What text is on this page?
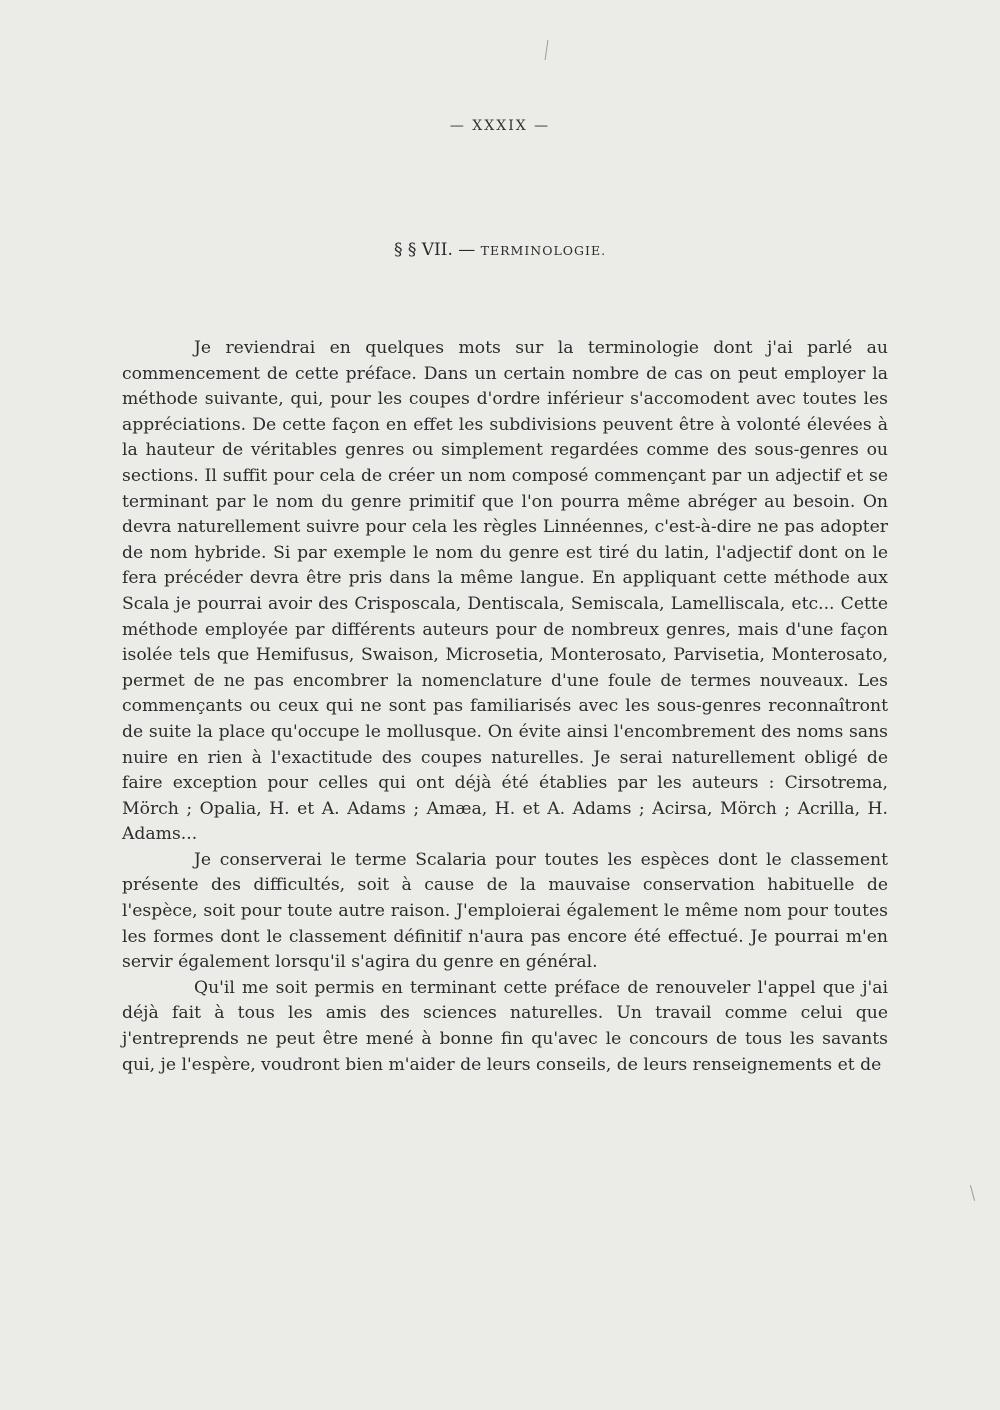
— XXXIX —
§ § VII. — TERMINOLOGIE.

Je reviendrai en quelques mots sur la terminologie dont j'ai parlé au commencement de cette préface. Dans un certain nombre de cas on peut employer la méthode suivante, qui, pour les coupes d'ordre inférieur s'accomodent avec toutes les appréciations. De cette façon en effet les subdivisions peuvent être à volonté élevées à la hauteur de véritables genres ou simplement regardées comme des sous-genres ou sections. Il suffit pour cela de créer un nom composé commençant par un adjectif et se terminant par le nom du genre primitif que l'on pourra même abréger au besoin. On devra naturellement suivre pour cela les règles Linnéennes, c'est-à-dire ne pas adopter de nom hybride. Si par exemple le nom du genre est tiré du latin, l'adjectif dont on le fera précéder devra être pris dans la même langue. En appliquant cette méthode aux Scala je pourrai avoir des Crisposcala, Dentiscala, Semiscala, Lamelliscala, etc... Cette méthode employée par différents auteurs pour de nombreux genres, mais d'une façon isolée tels que Hemifusus, Swaison, Microsetia, Monterosato, Parvisetia, Monterosato, permet de ne pas encombrer la nomenclature d'une foule de termes nouveaux. Les commençants ou ceux qui ne sont pas familiarisés avec les sous-genres reconnaîtront de suite la place qu'occupe le mollusque. On évite ainsi l'encombrement des noms sans nuire en rien à l'exactitude des coupes naturelles. Je serai naturellement obligé de faire exception pour celles qui ont déjà été établies par les auteurs : Cirsotrema, Mörch ; Opalia, H. et A. Adams ; Amæa, H. et A. Adams ; Acirsa, Mörch ; Acrilla, H. Adams...

Je conserverai le terme Scalaria pour toutes les espèces dont le classement présente des difficultés, soit à cause de la mauvaise conservation habituelle de l'espèce, soit pour toute autre raison. J'emploierai également le même nom pour toutes les formes dont le classement définitif n'aura pas encore été effectué. Je pourrai m'en servir également lorsqu'il s'agira du genre en général.

Qu'il me soit permis en terminant cette préface de renouveler l'appel que j'ai déjà fait à tous les amis des sciences naturelles. Un travail comme celui que j'entreprends ne peut être mené à bonne fin qu'avec le concours de tous les savants qui, je l'espère, voudront bien m'aider de leurs conseils, de leurs renseignements et de
